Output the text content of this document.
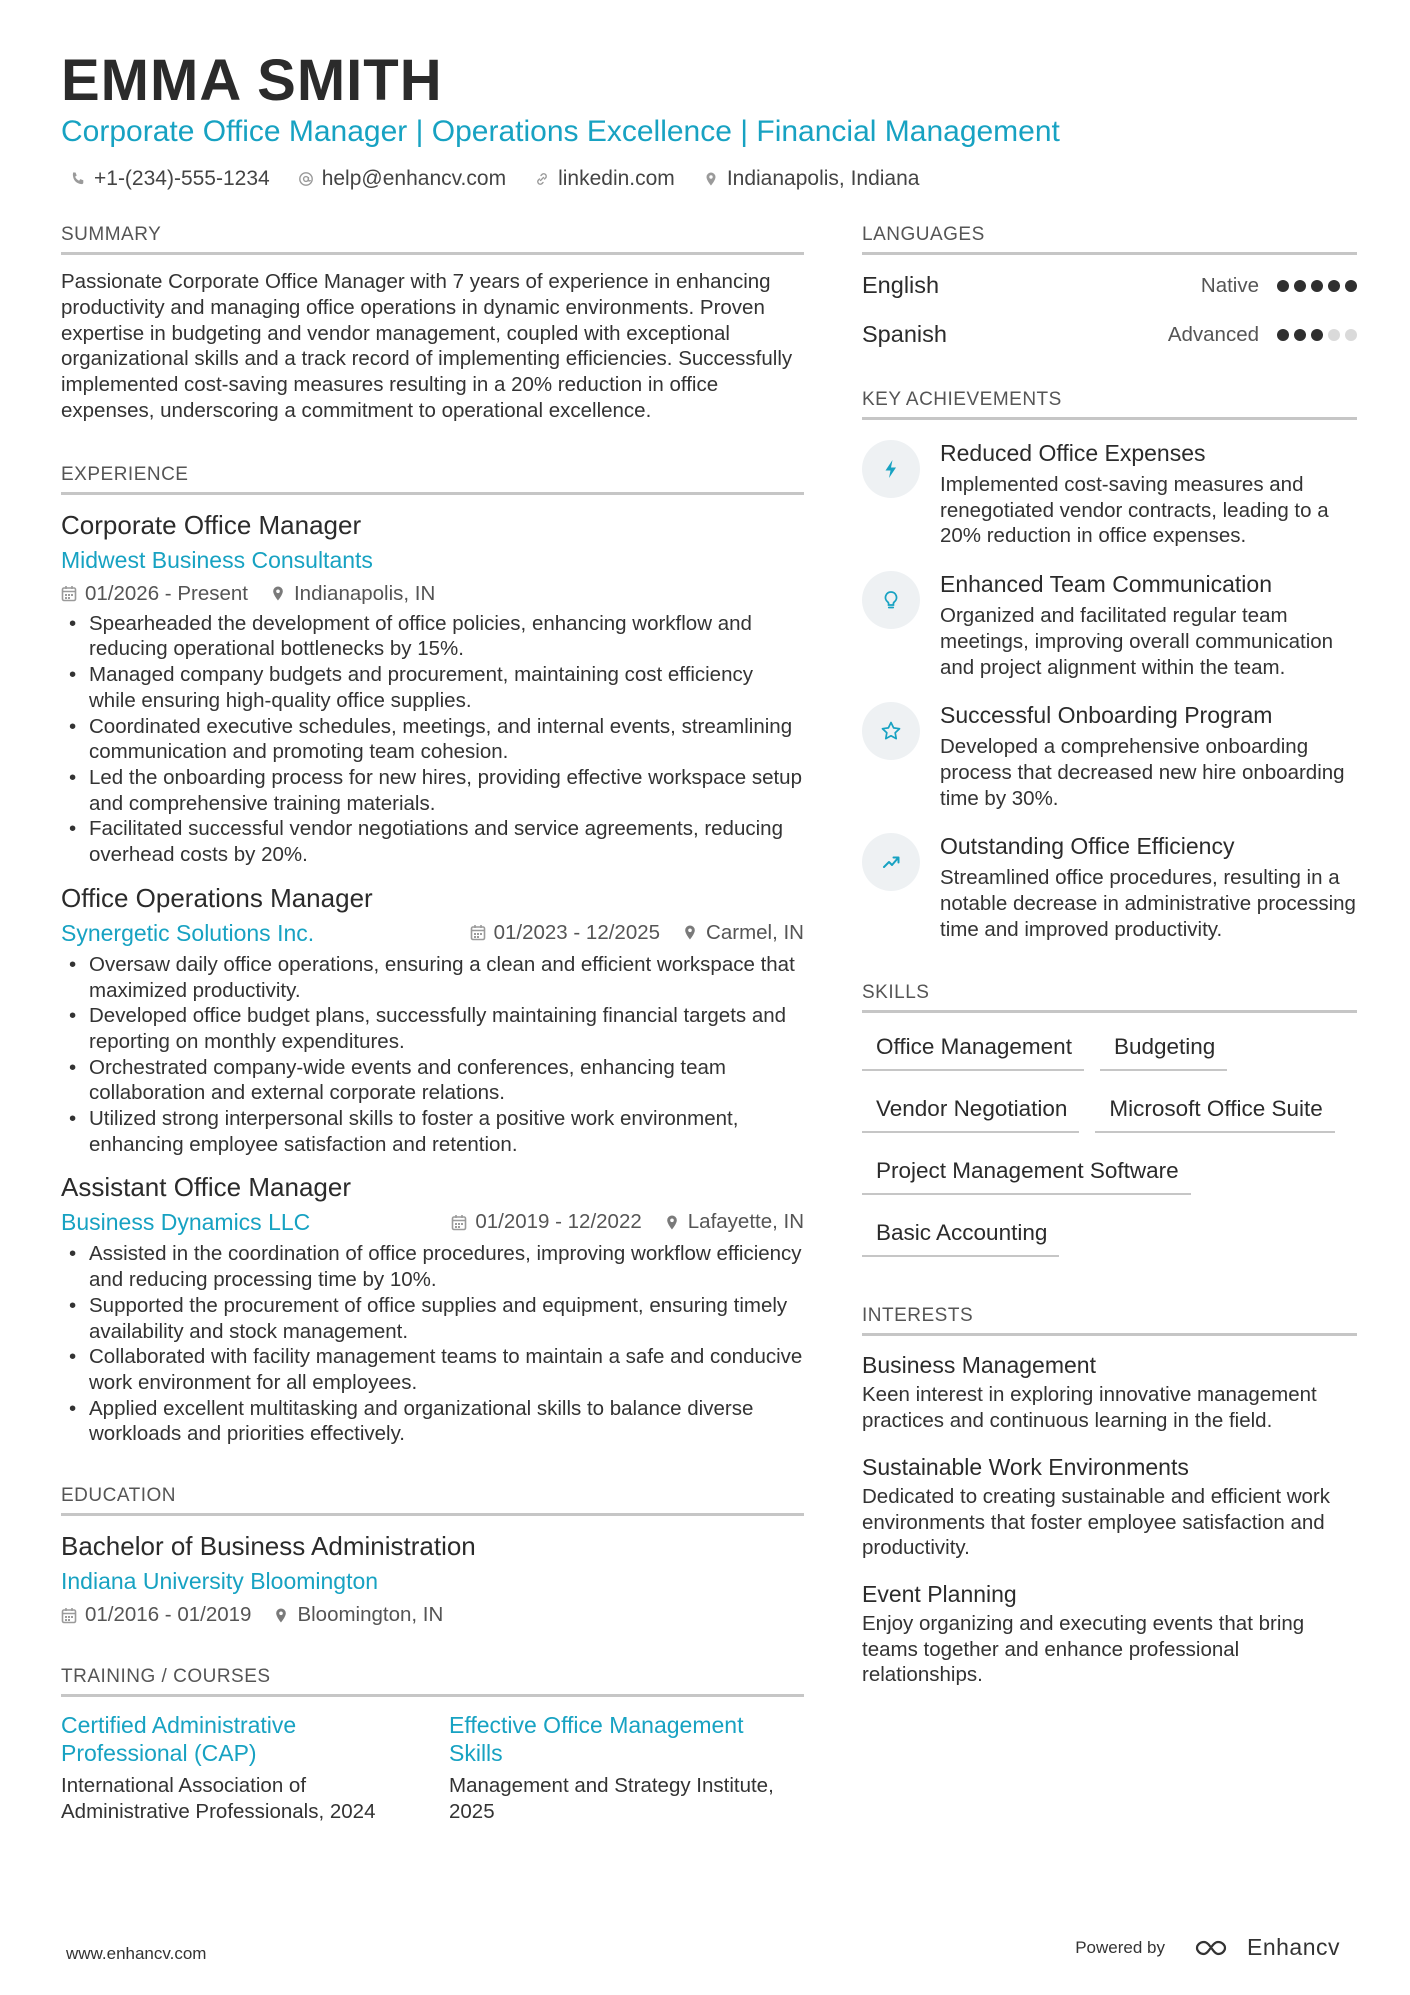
EMMA SMITH
Corporate Office Manager | Operations Excellence | Financial Management
+1-(234)-555-1234 help@enhancv.com linkedin.com Indianapolis, Indiana
SUMMARY

Passionate Corporate Office Manager with 7 years of experience in enhancing productivity and managing office operations in dynamic environments. Proven expertise in budgeting and vendor management, coupled with exceptional organizational skills and a track record of implementing efficiencies. Successfully implemented cost-saving measures resulting in a 20% reduction in office expenses, underscoring a commitment to operational excellence.

EXPERIENCE
Corporate Office Manager
Midwest Business Consultants
01/2026 - Present Indianapolis, IN
• Spearheaded the development of office policies, enhancing workflow and reducing operational bottlenecks by 15%.
• Managed company budgets and procurement, maintaining cost efficiency while ensuring high-quality office supplies.
• Coordinated executive schedules, meetings, and internal events, streamlining communication and promoting team cohesion.
• Led the onboarding process for new hires, providing effective workspace setup and comprehensive training materials.
• Facilitated successful vendor negotiations and service agreements, reducing overhead costs by 20%.
Office Operations Manager
Synergetic Solutions Inc.	01/2023 - 12/2025 Carmel, IN
• Oversaw daily office operations, ensuring a clean and efficient workspace that maximized productivity.
• Developed office budget plans, successfully maintaining financial targets and reporting on monthly expenditures.
• Orchestrated company-wide events and conferences, enhancing team collaboration and external corporate relations.
• Utilized strong interpersonal skills to foster a positive work environment, enhancing employee satisfaction and retention.
Assistant Office Manager
Business Dynamics LLC	01/2019 - 12/2022 Lafayette, IN
• Assisted in the coordination of office procedures, improving workflow efficiency and reducing processing time by 10%.
• Supported the procurement of office supplies and equipment, ensuring timely availability and stock management.
• Collaborated with facility management teams to maintain a safe and conducive work environment for all employees.
• Applied excellent multitasking and organizational skills to balance diverse workloads and priorities effectively.
EDUCATION
Bachelor of Business Administration
Indiana University Bloomington
01/2016 - 01/2019 Bloomington, IN
TRAINING / COURSES
Certified Administrative Professional (CAP)
International Association of Administrative Professionals, 2024
Effective Office Management Skills
Management and Strategy Institute, 2025
LANGUAGES
English	Native
Spanish	Advanced
KEY ACHIEVEMENTS
Reduced Office Expenses
Implemented cost-saving measures and renegotiated vendor contracts, leading to a 20% reduction in office expenses.
Enhanced Team Communication
Organized and facilitated regular team meetings, improving overall communication and project alignment within the team.
Successful Onboarding Program
Developed a comprehensive onboarding process that decreased new hire onboarding time by 30%.
Outstanding Office Efficiency
Streamlined office procedures, resulting in a notable decrease in administrative processing time and improved productivity.
SKILLS
Office Management	Budgeting
Vendor Negotiation	Microsoft Office Suite
Project Management Software
Basic Accounting
INTERESTS
Business Management
Keen interest in exploring innovative management practices and continuous learning in the field.
Sustainable Work Environments
Dedicated to creating sustainable and efficient work environments that foster employee satisfaction and productivity.
Event Planning
Enjoy organizing and executing events that bring teams together and enhance professional relationships.
www.enhancv.com	Powered by	Enhancv
